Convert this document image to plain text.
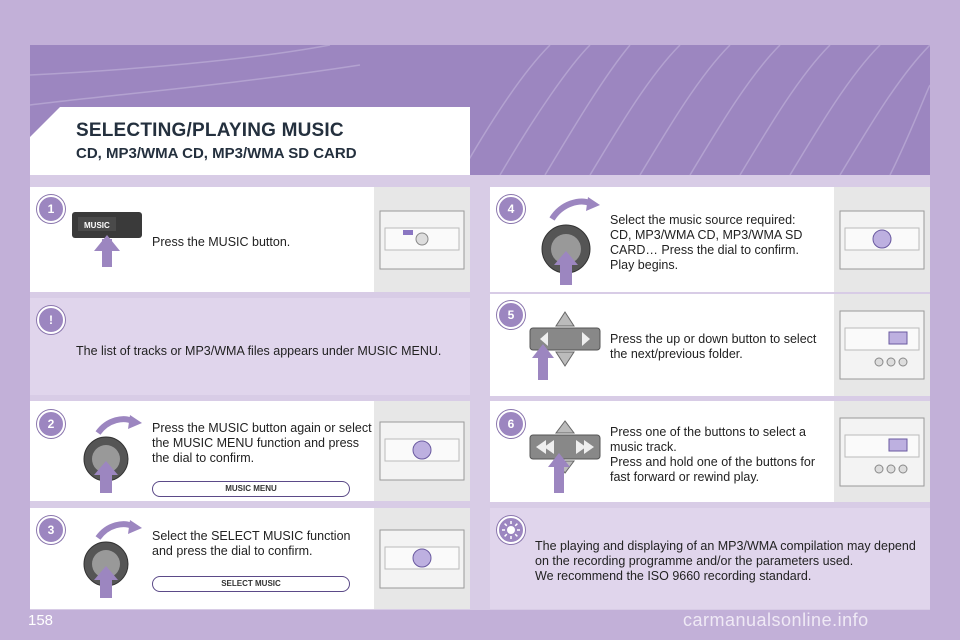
SELECTING/PLAYING MUSIC
CD, MP3/WMA CD, MP3/WMA SD CARD
MUSIC
Press the MUSIC button.
1
The list of tracks or MP3/WMA files appears under MUSIC MENU.
!
Press the MUSIC button again or select the MUSIC MENU function and press the dial to confirm.
MUSIC MENU
2
Select the SELECT MUSIC function and press the dial to confirm.
SELECT MUSIC
3
Select the music source required:
CD, MP3/WMA CD, MP3/WMA SD
CARD… Press the dial to confirm.
Play begins.
4
Press the up or down button to select
the next/previous folder.
5
Press one of the buttons to select a
music track.
Press and hold one of the buttons for
fast forward or rewind play.
6
The playing and displaying of an MP3/WMA compilation may depend on the recording programme and/or the parameters used.
We recommend the ISO 9660 recording standard.
158	carmanualsonline.info
